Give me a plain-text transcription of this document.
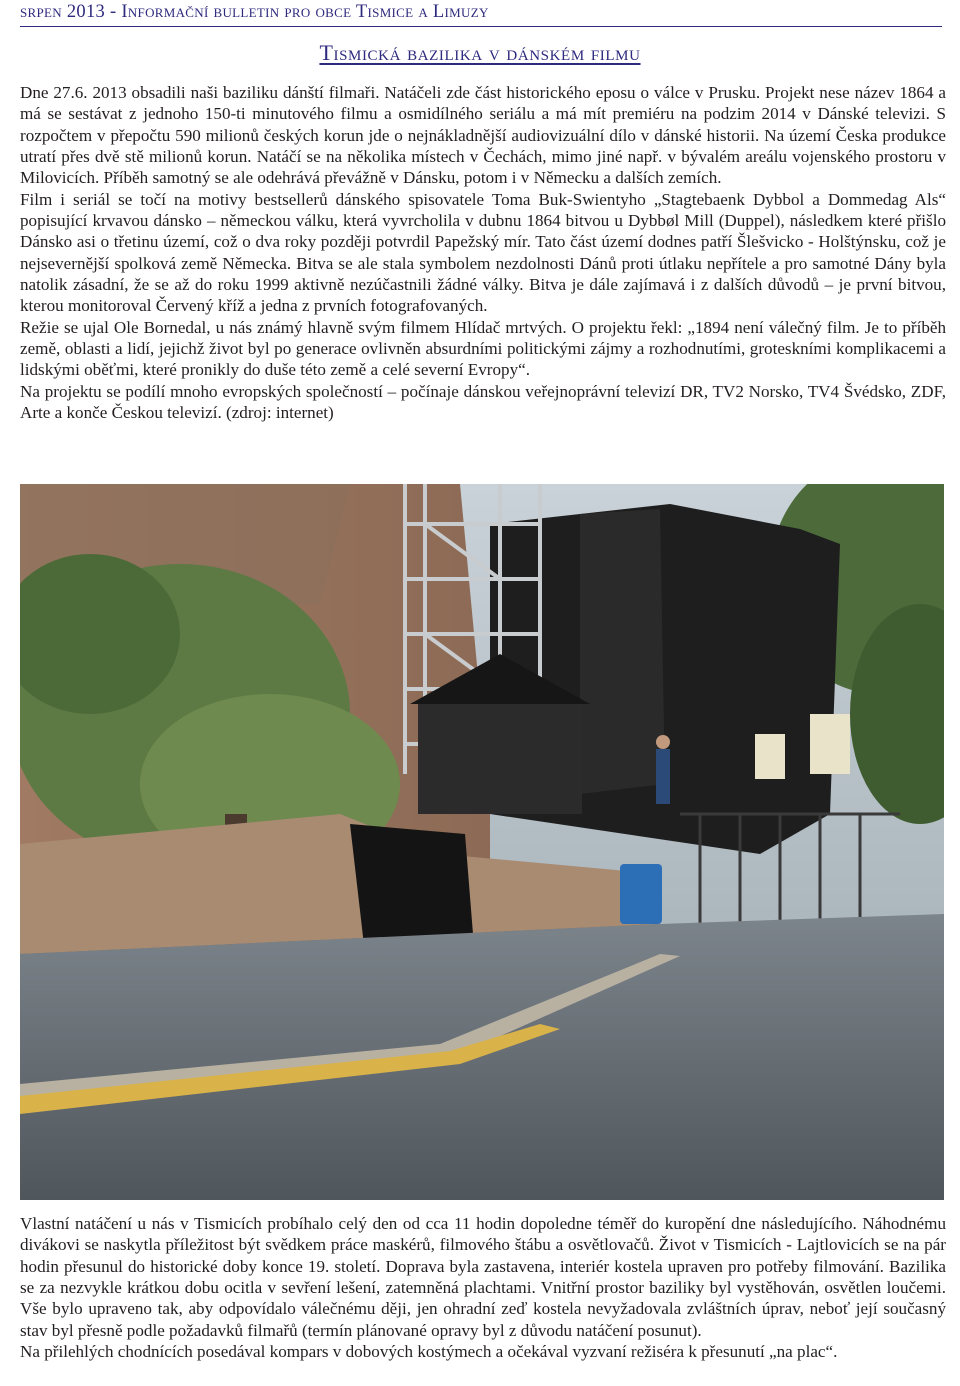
srpen 2013 - Informační bulletin pro obce Tismice a Limuzy
Tismická bazilika v dánském filmu

Dne 27.6. 2013 obsadili naši baziliku dánští filmaři. Natáčeli zde část historického eposu o válce v Prusku. Projekt nese název 1864 a má se sestávat z jednoho 150-ti minutového filmu a osmidílného seriálu a má mít premiéru na podzim 2014 v Dánské televizi. S rozpočtem v přepočtu 590 milionů českých korun jde o nejnákladnější audiovizuální dílo v dánské historii. Na území Česka produkce utratí přes dvě stě milionů korun. Natáčí se na několika místech v Čechách, mimo jiné např. v bývalém areálu vojenského prostoru v Milovicích. Příběh samotný se ale odehrává převážně v Dánsku, potom i v Německu a dalších zemích.

Film i seriál se točí na motivy bestsellerů dánského spisovatele Toma Buk-Swientyho „Stagtebaenk Dybbol a Dommedag Als“ popisující krvavou dánsko – německou válku, která vyvrcholila v dubnu 1864 bitvou u Dybbøl Mill (Duppel), následkem které přišlo Dánsko asi o třetinu území, což o dva roky později potvrdil Papežský mír. Tato část území dodnes patří Šlešvicko - Holštýnsku, což je nejsevernější spolková země Německa. Bitva se ale stala symbolem nezdolnosti Dánů proti útlaku nepřítele a pro samotné Dány byla natolik zásadní, že se až do roku 1999 aktivně nezúčastnili žádné války. Bitva je dále zajímavá i z dalších důvodů – je první bitvou, kterou monitoroval Červený kříž a jedna z prvních fotografovaných.

Režie se ujal Ole Bornedal, u nás známý hlavně svým filmem Hlídač mrtvých. O projektu řekl: „1894 není válečný film. Je to příběh země, oblasti a lidí, jejichž život byl po generace ovlivněn absurdními politickými zájmy a rozhodnutími, groteskními komplikacemi a lidskými oběťmi, které pronikly do duše této země a celé severní Evropy“.

Na projektu se podílí mnoho evropských společností – počínaje dánskou veřejnoprávní televizí DR, TV2 Norsko, TV4 Švédsko, ZDF, Arte a konče Českou televizí. (zdroj: internet)

Vlastní natáčení u nás v Tismicích probíhalo celý den od cca 11 hodin dopoledne téměř do kuropění dne následujícího. Náhodnému divákovi se naskytla příležitost být svědkem práce maskérů, filmového štábu a osvětlovačů. Život v Tismicích - Lajtlovicích se na pár hodin přesunul do historické doby konce 19. století. Doprava byla zastavena, interiér kostela upraven pro potřeby filmování. Bazilika se za nezvykle krátkou dobu ocitla v sevření lešení, zatemněná plachtami. Vnitřní prostor baziliky byl vystěhován, osvětlen loučemi. Vše bylo upraveno tak, aby odpovídalo válečnému ději, jen ohradní zeď kostela nevyžadovala zvláštních úprav, neboť její současný stav byl přesně podle požadavků filmařů (termín plánované opravy byl z důvodu natáčení posunut).

Na přilehlých chodnících posedával kompars v dobových kostýmech a očekával vyzvaní režiséra k přesunutí „na plac“.
